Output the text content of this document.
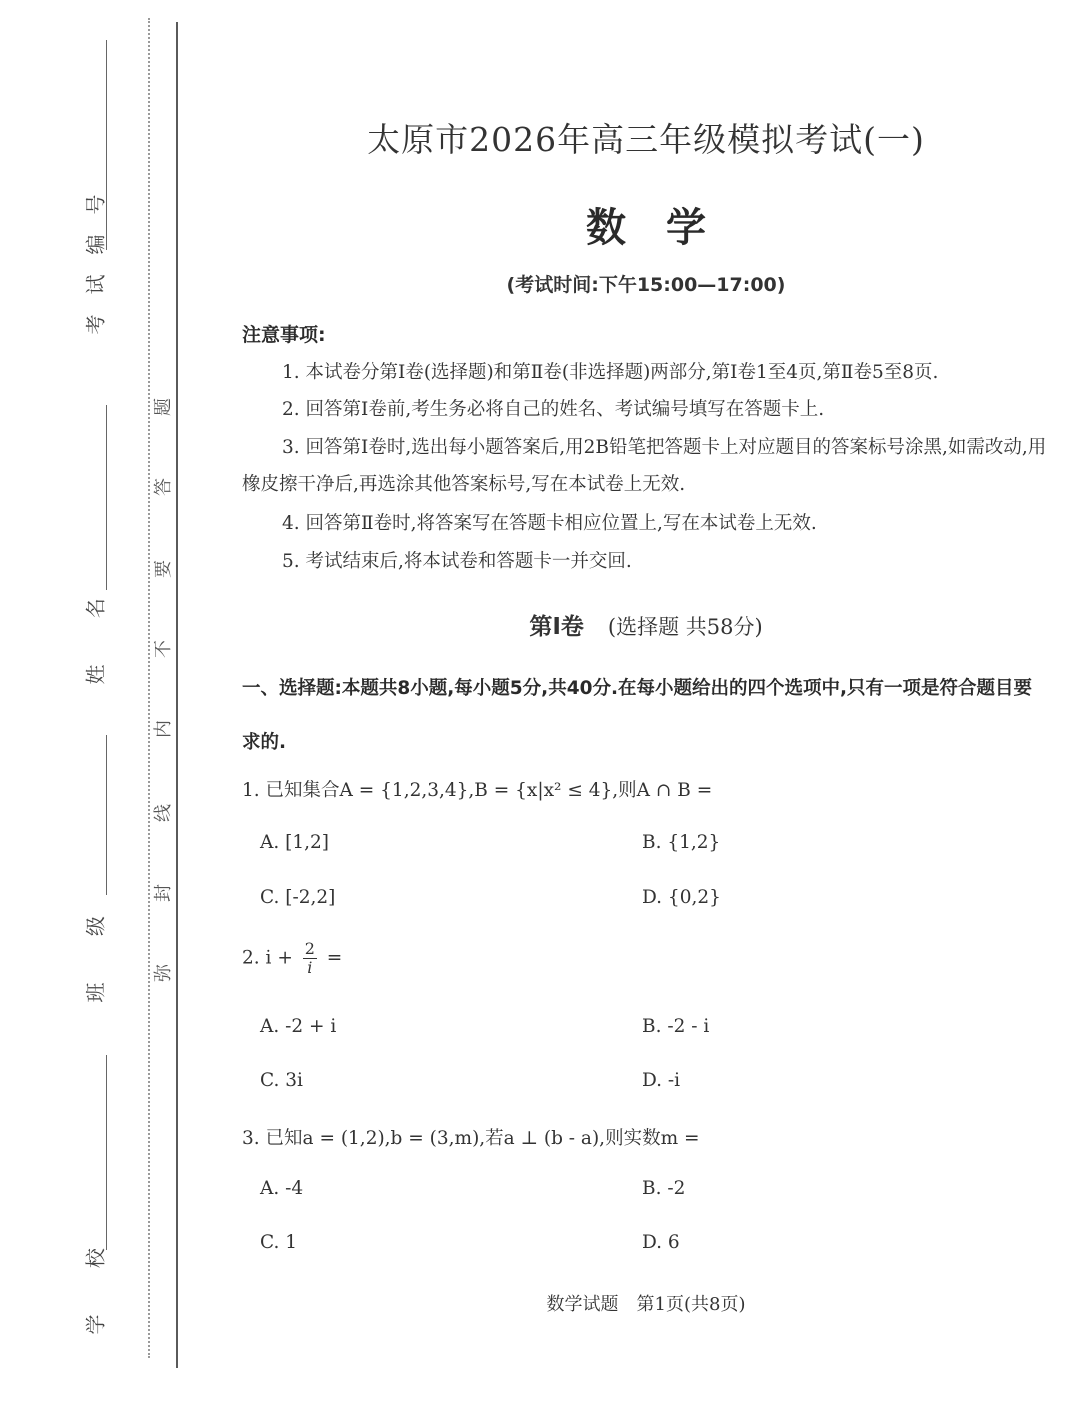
考试编号
姓 名
班 级
学 校
题
答
要
不
内
线
封
弥
太原市2026年高三年级模拟考试(一)
数学
(考试时间:下午15:00—17:00)
注意事项:
1. 本试卷分第Ⅰ卷(选择题)和第Ⅱ卷(非选择题)两部分,第Ⅰ卷1至4页,第Ⅱ卷5至8页.
2. 回答第Ⅰ卷前,考生务必将自己的姓名、考试编号填写在答题卡上.
3. 回答第Ⅰ卷时,选出每小题答案后,用2B铅笔把答题卡上对应题目的答案标号涂黑,如需改动,用橡皮擦干净后,再选涂其他答案标号,写在本试卷上无效.
4. 回答第Ⅱ卷时,将答案写在答题卡相应位置上,写在本试卷上无效.
5. 考试结束后,将本试卷和答题卡一并交回.
第Ⅰ卷 (选择题 共58分)
一、选择题:本题共8小题,每小题5分,共40分.在每小题给出的四个选项中,只有一项是符合题目要求的.
1. 已知集合A = {1,2,3,4},B = {x|x² ≤ 4},则A ∩ B =
A. [1,2]	B. {1,2}
C. [-2,2]	D. {0,2}
2. $i + \frac{2}{i}$ =
A. -2 + i	B. -2 - i
C. 3i	D. -i
3. 已知a = (1,2),b = (3,m),若a ⊥ (b - a),则实数m =
A. -4	B. -2
C. 1	D. 6
数学试题　第1页(共8页)
